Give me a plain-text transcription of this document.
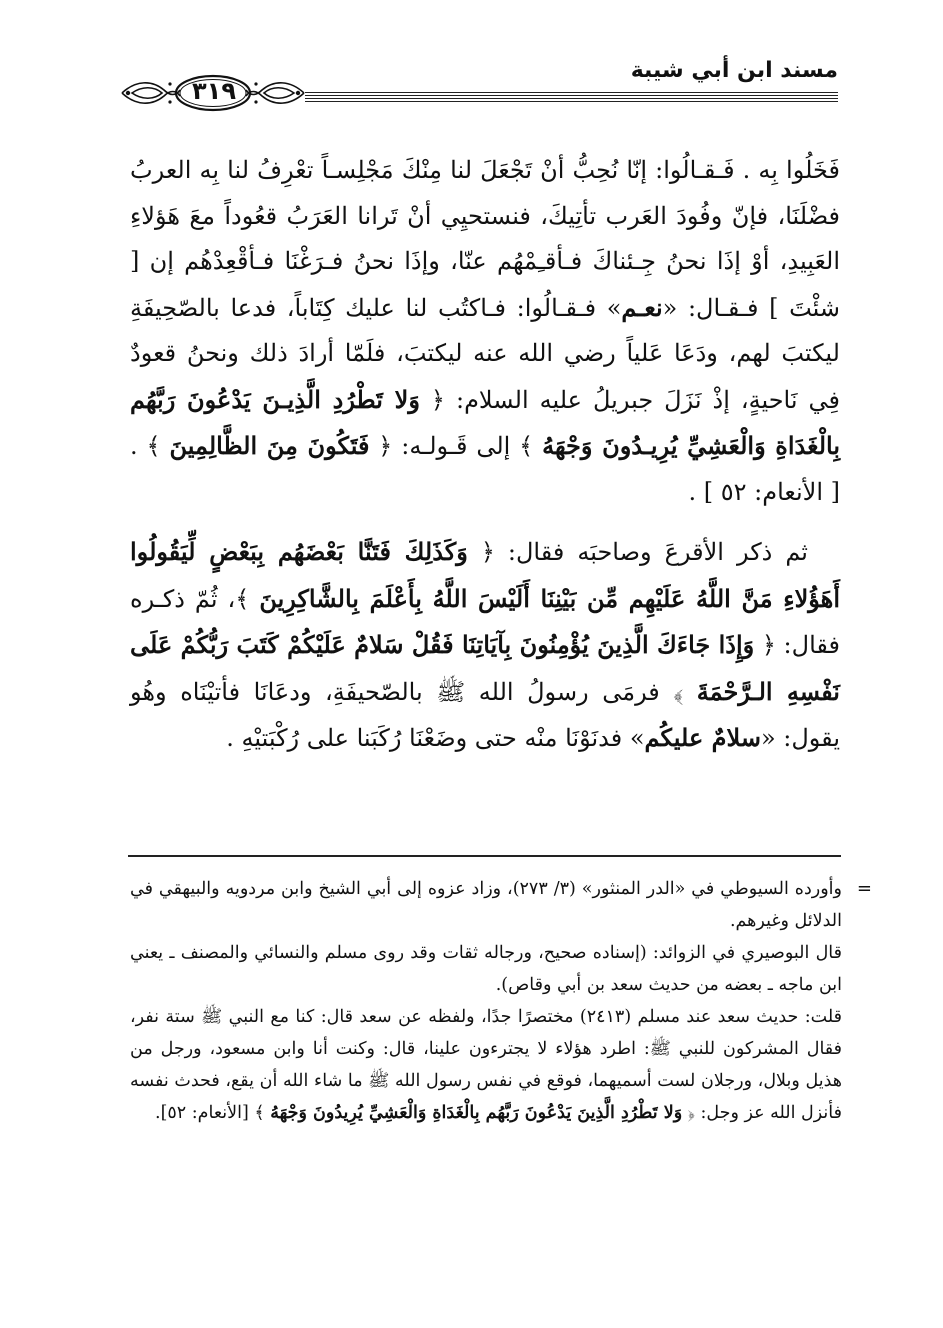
مسند ابن أبي شيبة
٣١٩

فَخَلُوا بِه . فَـقـالُوا: إنّا نُحِبُّ أنْ تَجْعَلَ لنا مِنْكَ مَجْلِسـاً تعْرِفُ لنا بِه العربُ فضْلَنَا، فإنّ وفُودَ العَرب تأتِيكَ، فنستحيِي أنْ تَرانا العَرَبُ قعُوداً معَ هَؤلاءِ العَبِيدِ، أوْ إذَا نحنُ جِـئناكَ فـأقـِمْهُم عنّا، وإذَا نحنُ فـرَغْنَا فـأقْعِدْهُم إن [ شئْتَ ] فـقـال: «نعـم» فـقـالُوا: فـاكتُب لنا عليك كِتَاباً، فدعا بالصّحِيفَةِ ليكتبَ لهم، ودَعَا عَلياً رضي الله عنه ليكتبَ، فلَمّا أرادَ ذلك ونحنُ قعودٌ فِي نَاحيةٍ، إذْ نَزَلَ جبريلُ عليه السلام: ﴿ وَلا تَطْرُدِ الَّذِيـنَ يَدْعُونَ رَبَّهُم بِالْغَدَاةِ وَالْعَشِيِّ يُرِيـدُونَ وَجْهَهُ ﴾ إلى قَـولـه: ﴿ فَتَكُونَ مِنَ الظَّالِمِينَ ﴾ . [ الأنعام: ٥٢ ] .

ثم ذكر الأقرعَ وصاحبَه فقال: ﴿ وَكَذَلِكَ فَتَنَّا بَعْضَهُم بِبَعْضٍ لِّيَقُولُوا أَهَؤُلاءِ مَنَّ اللَّهُ عَلَيْهِم مِّن بَيْنِنَا أَلَيْسَ اللَّهُ بِأَعْلَمَ بِالشَّاكِرِينَ ﴾، ثُمّ ذكـره فقال: ﴿ وَإِذَا جَاءَكَ الَّذِينَ يُؤْمِنُونَ بِآيَاتِنَا فَقُلْ سَلامٌ عَلَيْكُمْ كَتَبَ رَبُّكُمْ عَلَى نَفْسِهِ الـرَّحْمَةَ ﴾ فرمَى رسولُ الله ﷺ بالصّحيفَةِ، ودعَانَا فأتيْنَاه وهُو يقول: «سلامٌ عليكُم» فدنَوْنَا منْه حتى وضَعْنَا رُكَبَنا على رُكْبَتيْهِ .

=
وأورده السيوطي في «الدر المنثور» (٣/ ٢٧٣)، وزاد عزوه إلى أبي الشيخ وابن مردويه والبيهقي في الدلائل وغيرهم.

قال البوصيري في الزوائد: (إسناده صحيح، ورجاله ثقات وقد روى مسلم والنسائي والمصنف ـ يعني ابن ماجه ـ بعضه من حديث سعد بن أبي وقاص).

قلت: حديث سعد عند مسلم (٢٤١٣) مختصرًا جدًا، ولفظه عن سعد قال: كنا مع النبي ﷺ ستة نفر، فقال المشركون للنبي ﷺ: اطرد هؤلاء لا يجترءون علينا، قال: وكنت أنا وابن مسعود، ورجل من هذيل وبلال، ورجلان لست أسميهما، فوقع في نفس رسول الله ﷺ ما شاء الله أن يقع، فحدث نفسه فأنزل الله عز وجل: ﴿ وَلا تَطْرُدِ الَّذِينَ يَدْعُونَ رَبَّهُم بِالْغَدَاةِ وَالْعَشِيِّ يُرِيدُونَ وَجْهَهُ ﴾ [الأنعام: ٥٢].
